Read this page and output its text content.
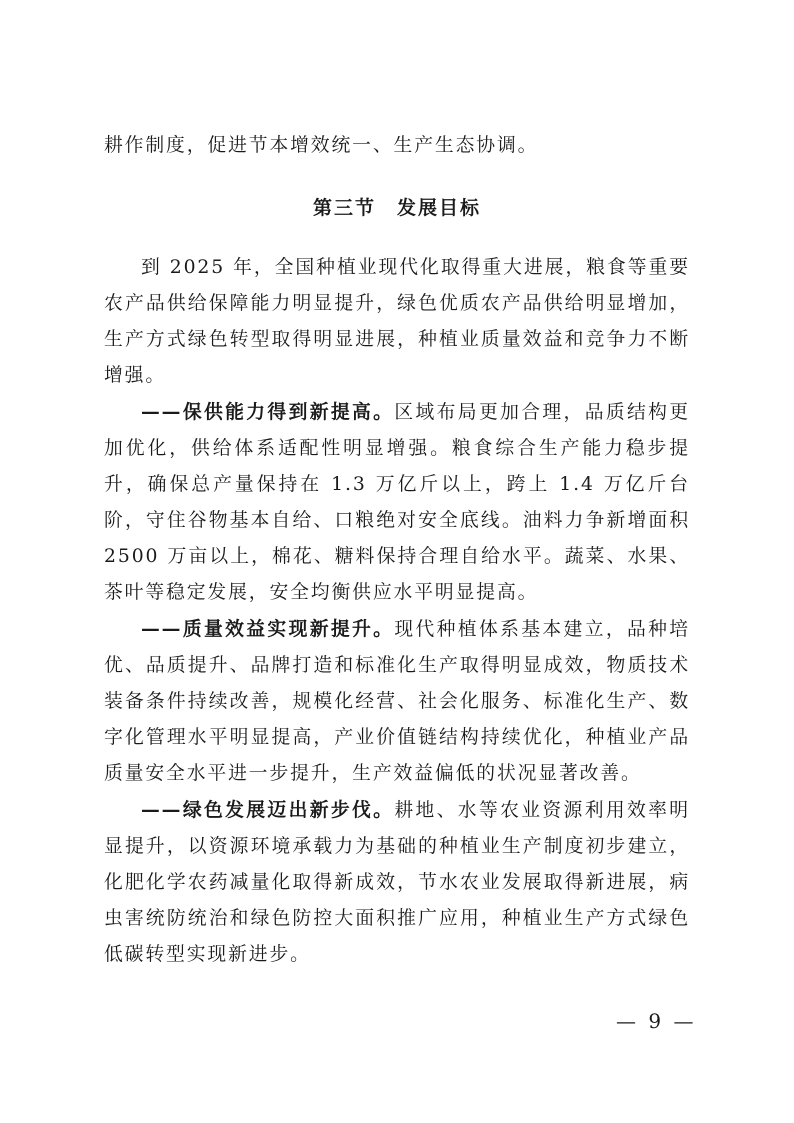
耕作制度，促进节本增效统一、生产生态协调。

第三节　发展目标

到 2025 年，全国种植业现代化取得重大进展，粮食等重要农产品供给保障能力明显提升，绿色优质农产品供给明显增加，生产方式绿色转型取得明显进展，种植业质量效益和竞争力不断增强。

——保供能力得到新提高。区域布局更加合理，品质结构更加优化，供给体系适配性明显增强。粮食综合生产能力稳步提升，确保总产量保持在 1.3 万亿斤以上，跨上 1.4 万亿斤台阶，守住谷物基本自给、口粮绝对安全底线。油料力争新增面积 2500 万亩以上，棉花、糖料保持合理自给水平。蔬菜、水果、茶叶等稳定发展，安全均衡供应水平明显提高。

——质量效益实现新提升。现代种植体系基本建立，品种培优、品质提升、品牌打造和标准化生产取得明显成效，物质技术装备条件持续改善，规模化经营、社会化服务、标准化生产、数字化管理水平明显提高，产业价值链结构持续优化，种植业产品质量安全水平进一步提升，生产效益偏低的状况显著改善。

——绿色发展迈出新步伐。耕地、水等农业资源利用效率明显提升，以资源环境承载力为基础的种植业生产制度初步建立，化肥化学农药减量化取得新成效，节水农业发展取得新进展，病虫害统防统治和绿色防控大面积推广应用，种植业生产方式绿色低碳转型实现新进步。

— 9 —
